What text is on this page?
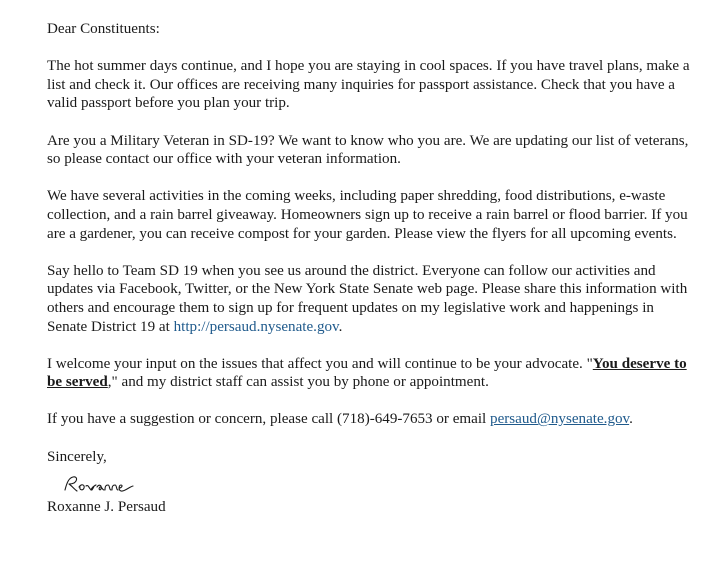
Dear Constituents:

The hot summer days continue, and I hope you are staying in cool spaces. If you have travel plans, make a list and check it. Our offices are receiving many inquiries for passport assistance. Check that you have a valid passport before you plan your trip.

Are you a Military Veteran in SD-19? We want to know who you are. We are updating our list of veterans, so please contact our office with your veteran information.

We have several activities in the coming weeks, including paper shredding, food distributions, e-waste collection, and a rain barrel giveaway. Homeowners sign up to receive a rain barrel or flood barrier. If you are a gardener, you can receive compost for your garden. Please view the flyers for all upcoming events.

Say hello to Team SD 19 when you see us around the district. Everyone can follow our activities and updates via Facebook, Twitter, or the New York State Senate web page. Please share this information with others and encourage them to sign up for frequent updates on my legislative work and happenings in Senate District 19 at http://persaud.nysenate.gov.

I welcome your input on the issues that affect you and will continue to be your advocate. "You deserve to be served," and my district staff can assist you by phone or appointment.

If you have a suggestion or concern, please call (718)-649-7653 or email persaud@nysenate.gov.

Sincerely,

Roxanne J. Persaud
